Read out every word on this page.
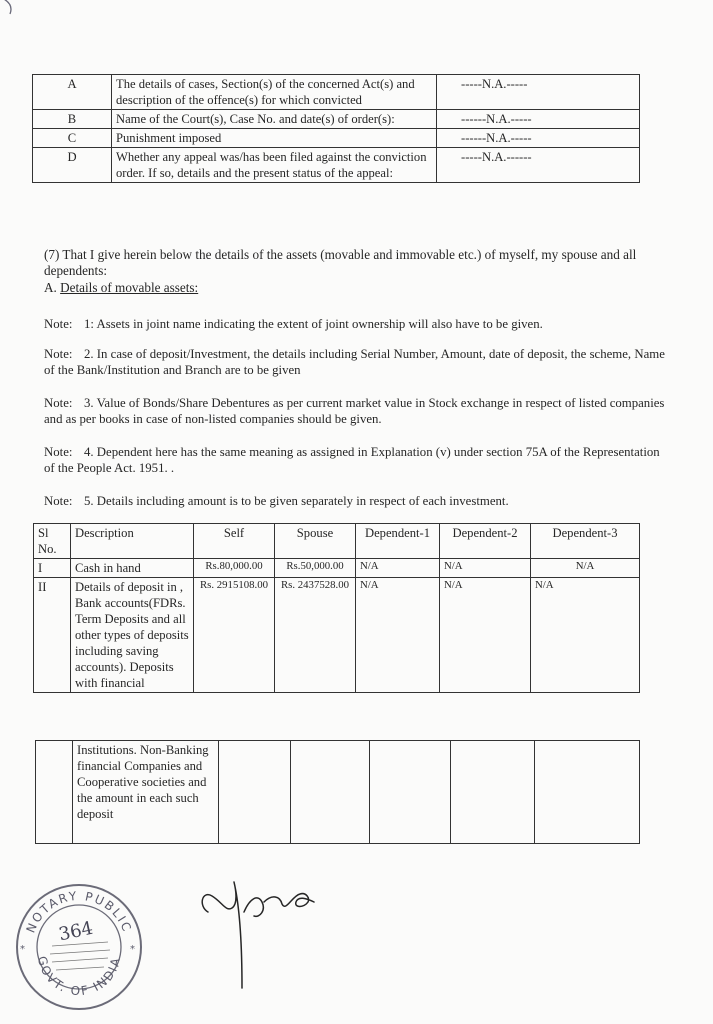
A	The details of cases, Section(s) of the concerned Act(s) and description of the offence(s) for which convicted	-----N.A.-----
B	Name of the Court(s), Case No. and date(s) of order(s):	------N.A.-----
C	Punishment imposed	------N.A.-----
D	Whether any appeal was/has been filed against the conviction order. If so, details and the present status of the appeal:	-----N.A.------
(7) That I give herein below the details of the assets (movable and immovable etc.) of myself, my spouse and all dependents:
A. Details of movable assets:
Note: 1: Assets in joint name indicating the extent of joint ownership will also have to be given.
Note: 2. In case of deposit/Investment, the details including Serial Number, Amount, date of deposit, the scheme, Name of the Bank/Institution and Branch are to be given
Note: 3. Value of Bonds/Share Debentures as per current market value in Stock exchange in respect of listed companies and as per books in case of non-listed companies should be given.
Note: 4. Dependent here has the same meaning as assigned in Explanation (v) under section 75A of the Representation of the People Act. 1951. .
Note: 5. Details including amount is to be given separately in respect of each investment.
Sl No.	Description	Self	Spouse	Dependent-1	Dependent-2	Dependent-3
I	Cash in hand	Rs.80,000.00	Rs.50,000.00	N/A	N/A	N/A
II	Details of deposit in , Bank accounts(FDRs. Term Deposits and all other types of deposits including saving accounts). Deposits with financial	Rs. 2915108.00	Rs. 2437528.00	N/A	N/A	N/A
	Institutions. Non-Banking financial Companies and Cooperative societies and the amount in each such deposit					
NOTARY PUBLIC
GOVT. OF INDIA
*	*
364
